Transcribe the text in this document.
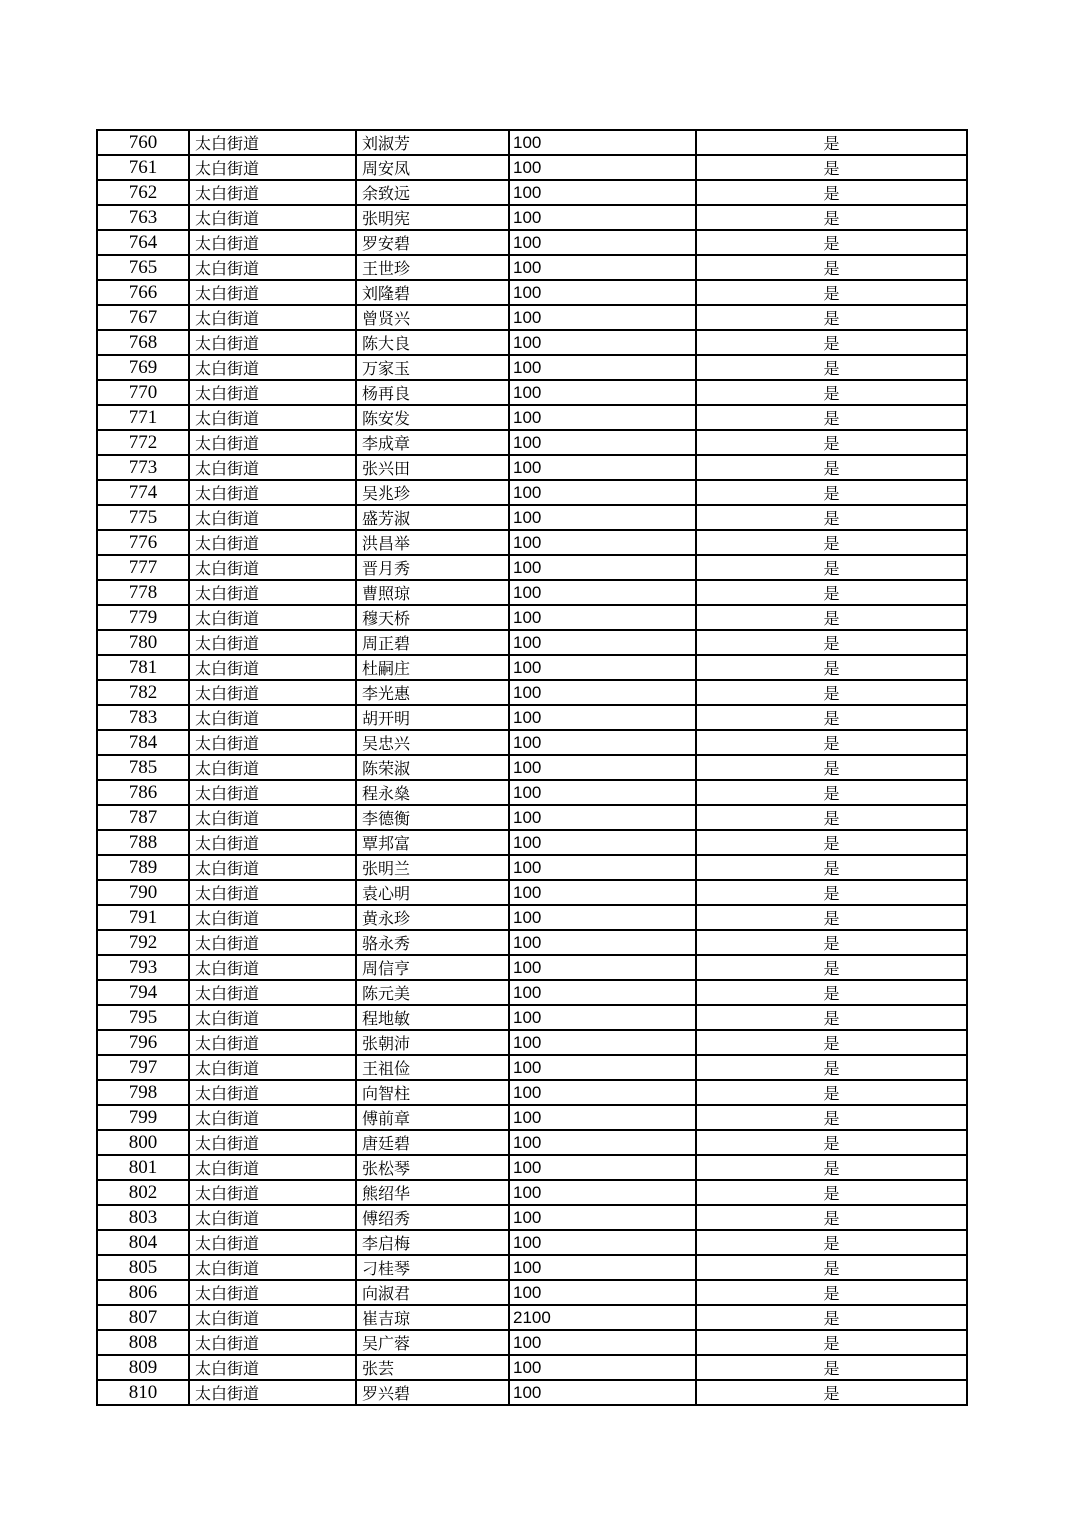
760	太白街道	刘淑芳	100	是
761	太白街道	周安凤	100	是
762	太白街道	余致远	100	是
763	太白街道	张明宪	100	是
764	太白街道	罗安碧	100	是
765	太白街道	王世珍	100	是
766	太白街道	刘隆碧	100	是
767	太白街道	曾贤兴	100	是
768	太白街道	陈大良	100	是
769	太白街道	万家玉	100	是
770	太白街道	杨再良	100	是
771	太白街道	陈安发	100	是
772	太白街道	李成章	100	是
773	太白街道	张兴田	100	是
774	太白街道	吴兆珍	100	是
775	太白街道	盛芳淑	100	是
776	太白街道	洪昌举	100	是
777	太白街道	晋月秀	100	是
778	太白街道	曹照琼	100	是
779	太白街道	穆天桥	100	是
780	太白街道	周正碧	100	是
781	太白街道	杜嗣庄	100	是
782	太白街道	李光惠	100	是
783	太白街道	胡开明	100	是
784	太白街道	吴忠兴	100	是
785	太白街道	陈荣淑	100	是
786	太白街道	程永燊	100	是
787	太白街道	李德衡	100	是
788	太白街道	覃邦富	100	是
789	太白街道	张明兰	100	是
790	太白街道	袁心明	100	是
791	太白街道	黄永珍	100	是
792	太白街道	骆永秀	100	是
793	太白街道	周信亨	100	是
794	太白街道	陈元美	100	是
795	太白街道	程地敏	100	是
796	太白街道	张朝沛	100	是
797	太白街道	王祖俭	100	是
798	太白街道	向智柱	100	是
799	太白街道	傅前章	100	是
800	太白街道	唐廷碧	100	是
801	太白街道	张松琴	100	是
802	太白街道	熊绍华	100	是
803	太白街道	傅绍秀	100	是
804	太白街道	李启梅	100	是
805	太白街道	刁桂琴	100	是
806	太白街道	向淑君	100	是
807	太白街道	崔吉琼	2100	是
808	太白街道	吴广蓉	100	是
809	太白街道	张芸	100	是
810	太白街道	罗兴碧	100	是
